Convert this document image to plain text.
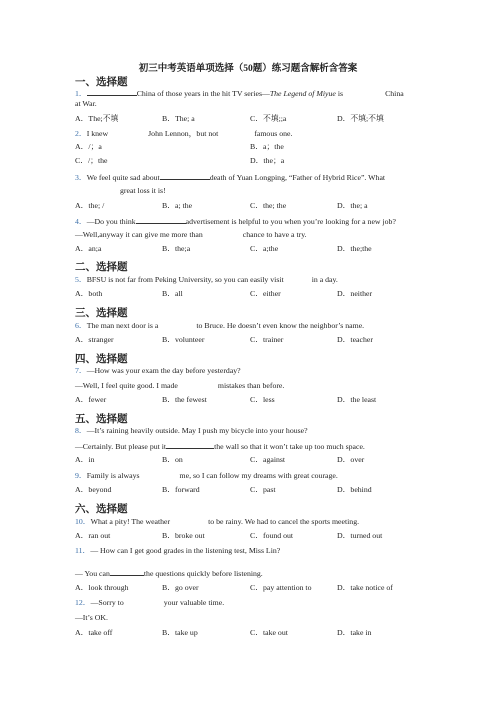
初三中考英语单项选择（50题）练习题含解析含答案
一、选择题
1．	China of those years in the hit TV series—The Legend of Miyue is	China
at War.
A．The;不填	B．The; a	C．不填;;a	D．不填;不填
2．I knew	John Lennon，but not	famous one.
A．/；a	B．a；the
C．/；the	D．the；a
3．We feel quite sad about	death of Yuan Longping, “Father of Hybrid Rice”. What
great loss it is!
A．the; /	B．a; the	C．the; the	D．the; a
4．—Do you think	advertisement is helpful to you when you’re looking for a new job?
—Well,anyway it can give me more than	chance to have a try.
A．an;a	B．the;a	C．a;the	D．the;the
二、选择题
5．BFSU is not far from Peking University, so you can easily visit	in a day.
A．both	B．all	C．either	D．neither
三、选择题
6．The man next door is a	to Bruce. He doesn’t even know the neighbor’s name.
A．stranger	B．volunteer	C．trainer	D．teacher
四、选择题
7．—How was your exam the day before yesterday?
—Well, I feel quite good. I made	mistakes than before.
A．fewer	B．the fewest	C．less	D．the least
五、选择题
8．—It’s raining heavily outside. May I push my bicycle into your house?
—Certainly. But please put it	the wall so that it won’t take up too much space.
A．in	B．on	C．against	D．over
9．Family is always	me, so I can follow my dreams with great courage.
A．beyond	B．forward	C．past	D．behind
六、选择题
10．What a pity! The weather	to be rainy. We had to cancel the sports meeting.
A．ran out	B．broke out	C．found out	D．turned out
11．— How can I get good grades in the listening test, Miss Lin?
— You can	the questions quickly before listening.
A．look through	B．go over	C．pay attention to	D．take notice of
12．—Sorry to	your valuable time.
—It’s OK.
A．take off	B．take up	C．take out	D．take in
